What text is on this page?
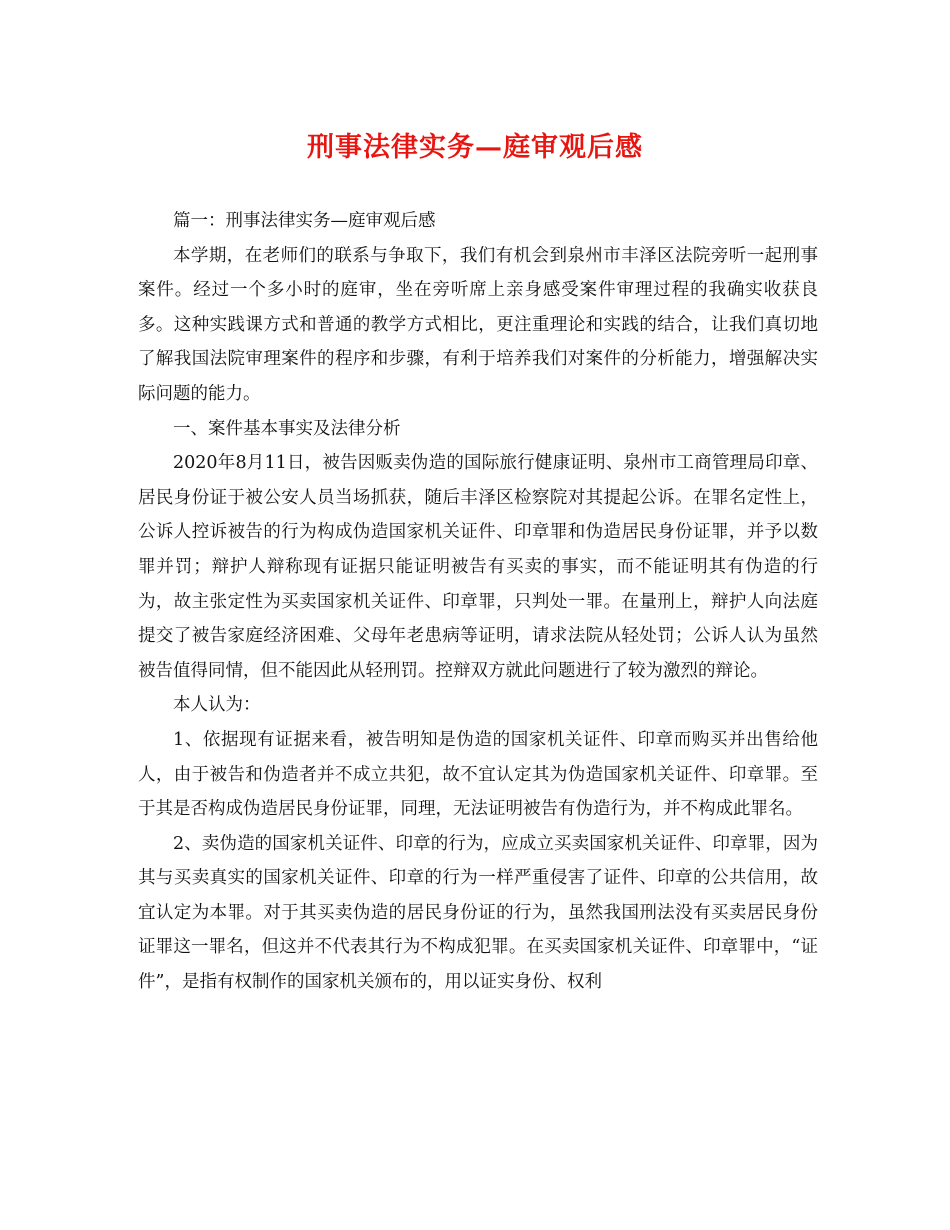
刑事法律实务—庭审观后感

篇一：刑事法律实务—庭审观后感

本学期，在老师们的联系与争取下，我们有机会到泉州市丰泽区法院旁听一起刑事案件。经过一个多小时的庭审，坐在旁听席上亲身感受案件审理过程的我确实收获良多。这种实践课方式和普通的教学方式相比，更注重理论和实践的结合，让我们真切地了解我国法院审理案件的程序和步骤，有利于培养我们对案件的分析能力，增强解决实际问题的能力。

一、案件基本事实及法律分析

2020年8月11日，被告因贩卖伪造的国际旅行健康证明、泉州市工商管理局印章、居民身份证于被公安人员当场抓获，随后丰泽区检察院对其提起公诉。在罪名定性上，公诉人控诉被告的行为构成伪造国家机关证件、印章罪和伪造居民身份证罪，并予以数罪并罚；辩护人辩称现有证据只能证明被告有买卖的事实，而不能证明其有伪造的行为，故主张定性为买卖国家机关证件、印章罪，只判处一罪。在量刑上，辩护人向法庭提交了被告家庭经济困难、父母年老患病等证明，请求法院从轻处罚；公诉人认为虽然被告值得同情，但不能因此从轻刑罚。控辩双方就此问题进行了较为激烈的辩论。

本人认为：

1、依据现有证据来看，被告明知是伪造的国家机关证件、印章而购买并出售给他人，由于被告和伪造者并不成立共犯，故不宜认定其为伪造国家机关证件、印章罪。至于其是否构成伪造居民身份证罪，同理，无法证明被告有伪造行为，并不构成此罪名。

2、卖伪造的国家机关证件、印章的行为，应成立买卖国家机关证件、印章罪，因为其与买卖真实的国家机关证件、印章的行为一样严重侵害了证件、印章的公共信用，故宜认定为本罪。对于其买卖伪造的居民身份证的行为，虽然我国刑法没有买卖居民身份证罪这一罪名，但这并不代表其行为不构成犯罪。在买卖国家机关证件、印章罪中，“证件”，是指有权制作的国家机关颁布的，用以证实身份、权利
